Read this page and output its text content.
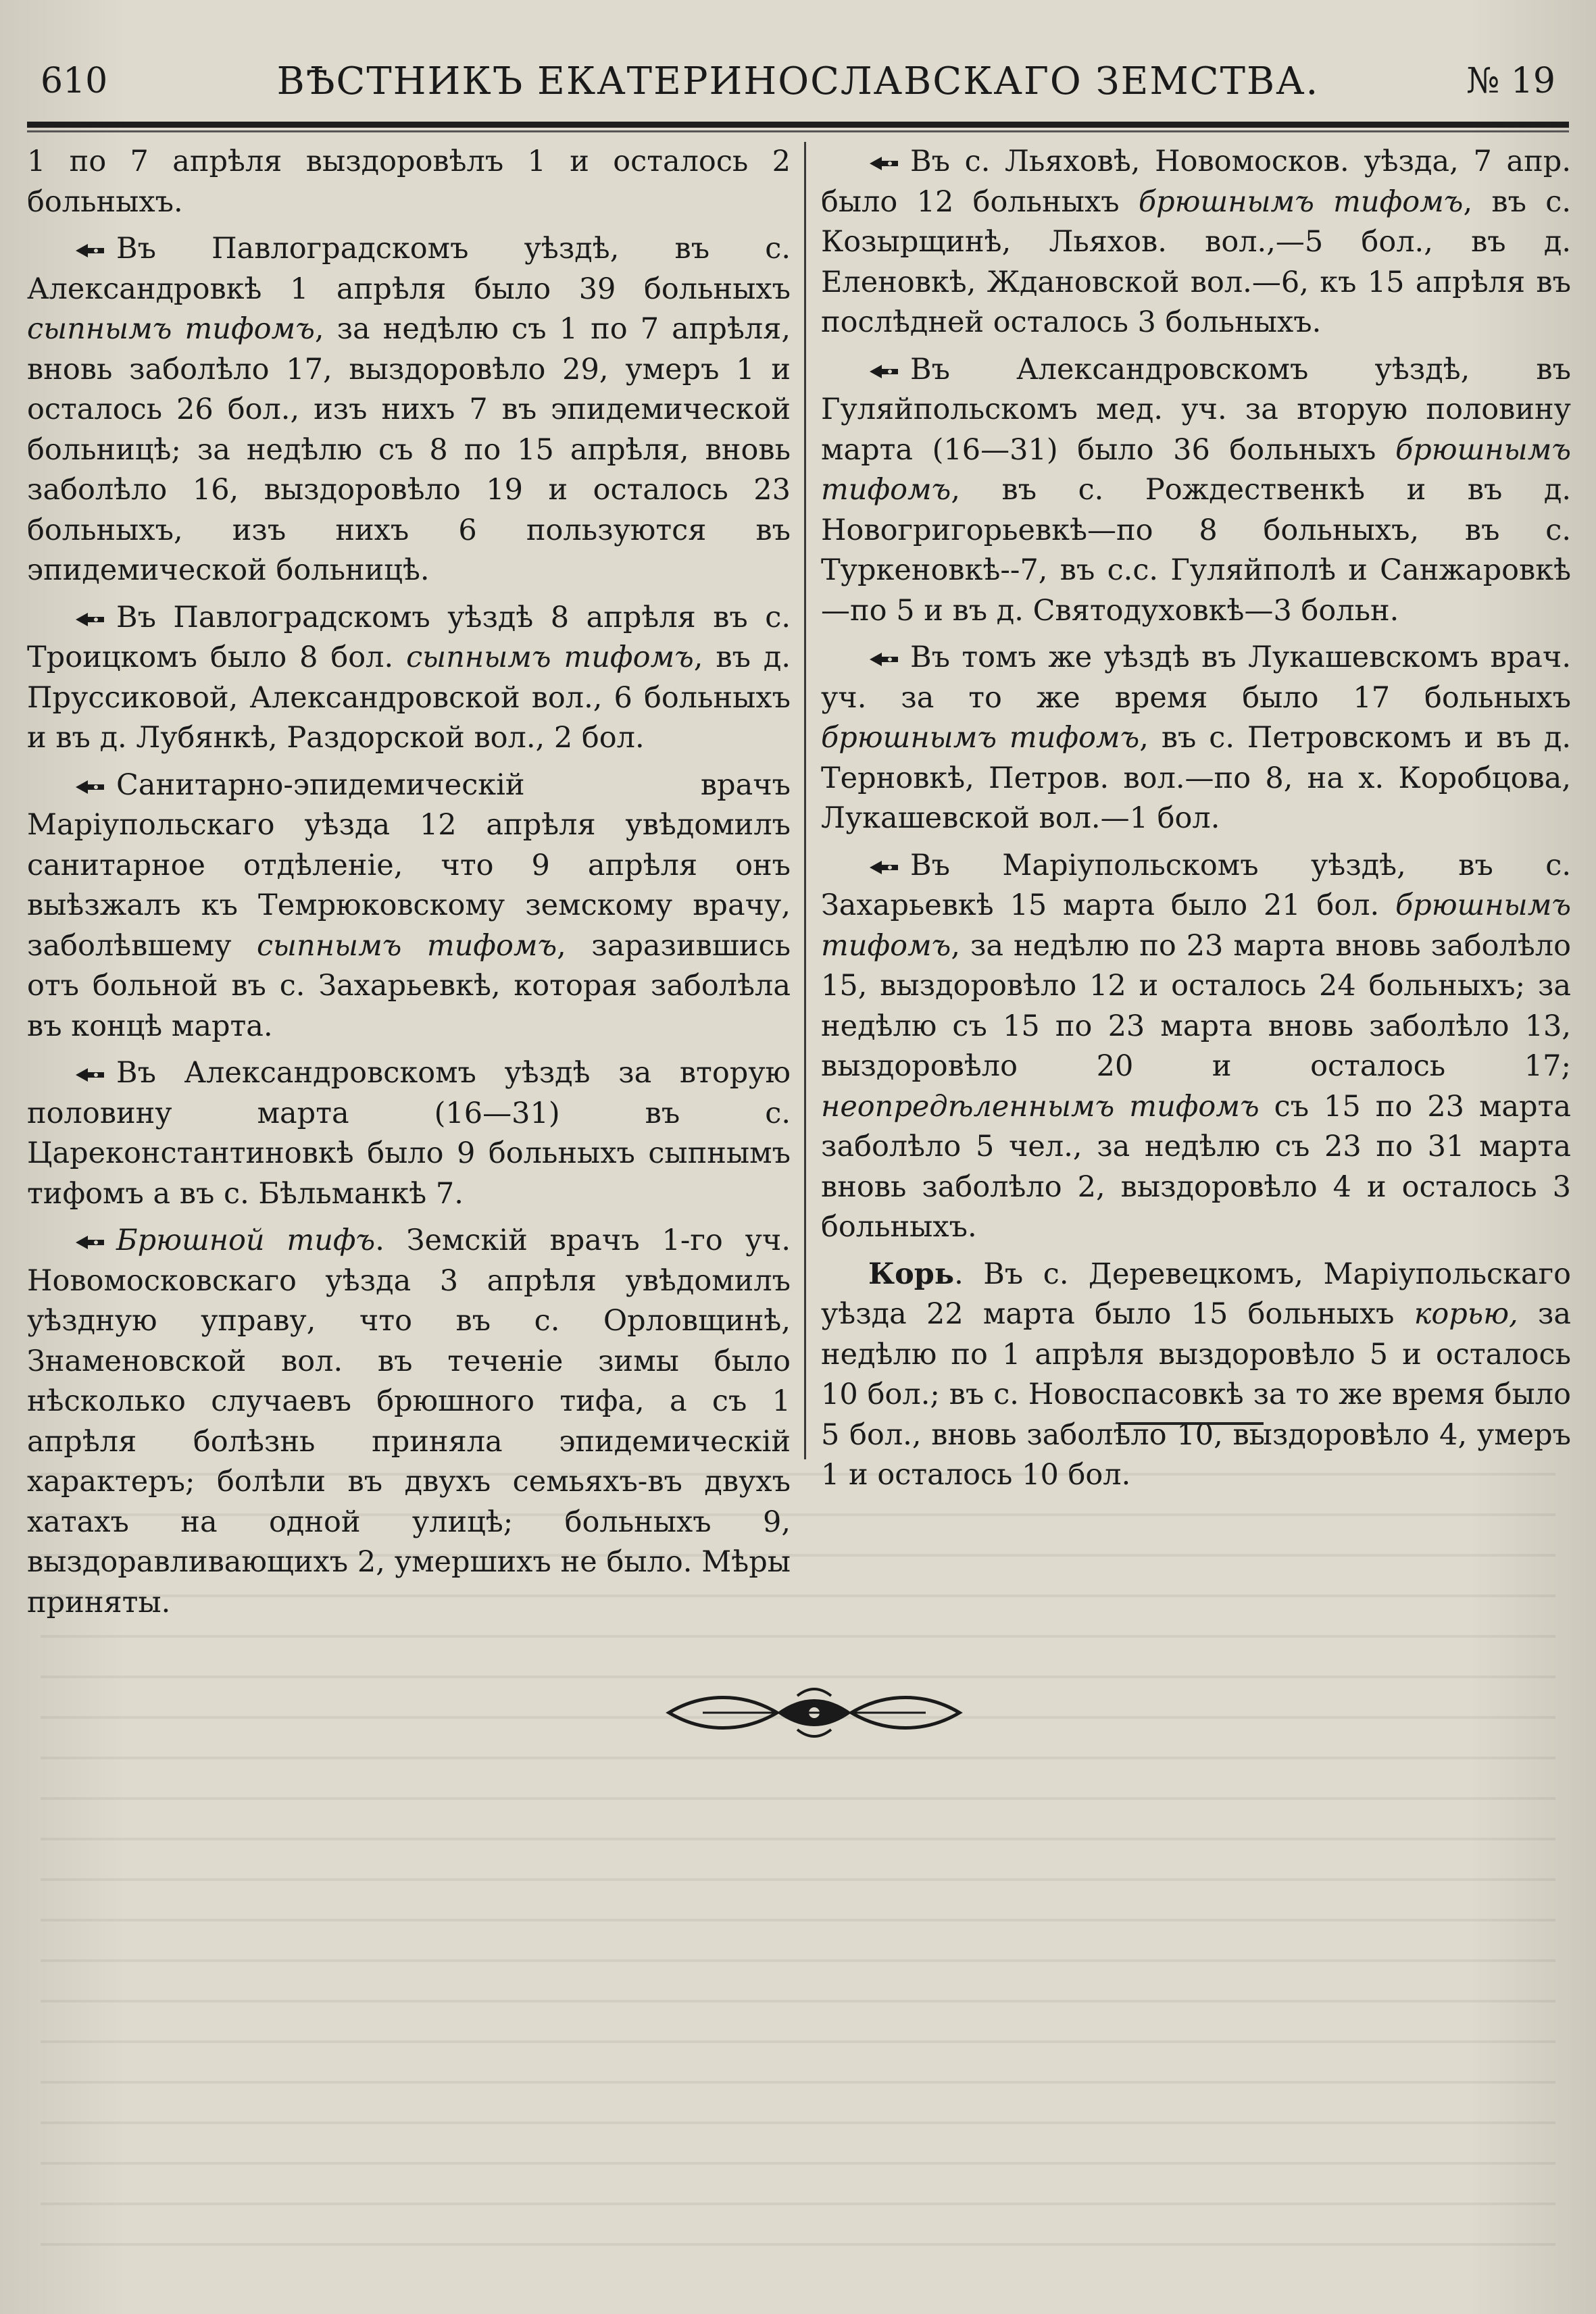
610	ВѢСТНИКЪ ЕКАТЕРИНОСЛАВСКАГО ЗЕМСТВА.	№ 19

1 по 7 апрѣля выздоровѣлъ 1 и осталось 2 больныхъ.

Въ Павлоградскомъ уѣздѣ, въ с. Александровкѣ 1 апрѣля было 39 больныхъ сыпнымъ тифомъ, за недѣлю съ 1 по 7 апрѣля, вновь заболѣло 17, выздоровѣло 29, умеръ 1 и осталось 26 бол., изъ нихъ 7 въ эпидемической больницѣ; за недѣлю съ 8 по 15 апрѣля, вновь заболѣло 16, выздоровѣло 19 и осталось 23 больныхъ, изъ нихъ 6 пользуются въ эпидемической больницѣ.

Въ Павлоградскомъ уѣздѣ 8 апрѣля въ с. Троицкомъ было 8 бол. сыпнымъ тифомъ, въ д. Пруссиковой, Александровской вол., 6 больныхъ и въ д. Лубянкѣ, Раздорской вол., 2 бол.

Санитарно-эпидемическій врачъ Маріупольскаго уѣзда 12 апрѣля увѣдомилъ санитарное отдѣленіе, что 9 апрѣля онъ выѣзжалъ къ Темрюковскому земскому врачу, заболѣвшему сыпнымъ тифомъ, заразившись отъ больной въ с. Захарьевкѣ, которая заболѣла въ концѣ марта.

Въ Александровскомъ уѣздѣ за вторую половину марта (16—31) въ с. Цареконстантиновкѣ было 9 больныхъ сыпнымъ тифомъ а въ с. Бѣльманкѣ 7.

Брюшной тифъ. Земскій врачъ 1-го уч. Новомосковскаго уѣзда 3 апрѣля увѣдомилъ уѣздную управу, что въ с. Орловщинѣ, Знаменовской вол. въ теченіе зимы было нѣсколько случаевъ брюшного тифа, а съ 1 апрѣля болѣзнь приняла эпидемическій характеръ; болѣли въ двухъ семьяхъ-въ двухъ хатахъ на одной улицѣ; больныхъ 9, выздоравливающихъ 2, умершихъ не было. Мѣры приняты.

Въ с. Льяховѣ, Новомосков. уѣзда, 7 апр. было 12 больныхъ брюшнымъ тифомъ, въ с. Козырщинѣ, Льяхов. вол.,—5 бол., въ д. Еленовкѣ, Ждановской вол.—6, къ 15 апрѣля въ послѣдней осталось 3 больныхъ.

Въ Александровскомъ уѣздѣ, въ Гуляйпольскомъ мед. уч. за вторую половину марта (16—31) было 36 больныхъ брюшнымъ тифомъ, въ с. Рождественкѣ и въ д. Новогригорьевкѣ—по 8 больныхъ, въ с. Туркеновкѣ--7, въ с.с. Гуляйполѣ и Санжаровкѣ—по 5 и въ д. Святодуховкѣ—3 больн.

Въ томъ же уѣздѣ въ Лукашевскомъ врач. уч. за то же время было 17 больныхъ брюшнымъ тифомъ, въ с. Петровскомъ и въ д. Терновкѣ, Петров. вол.—по 8, на х. Коробцова, Лукашевской вол.—1 бол.

Въ Маріупольскомъ уѣздѣ, въ с. Захарьевкѣ 15 марта было 21 бол. брюшнымъ тифомъ, за недѣлю по 23 марта вновь заболѣло 15, выздоровѣло 12 и осталось 24 больныхъ; за недѣлю съ 15 по 23 марта вновь заболѣло 13, выздоровѣло 20 и осталось 17; неопредѣленнымъ тифомъ съ 15 по 23 марта заболѣло 5 чел., за недѣлю съ 23 по 31 марта вновь заболѣло 2, выздоровѣло 4 и осталось 3 больныхъ.

Корь. Въ с. Деревецкомъ, Маріупольскаго уѣзда 22 марта было 15 больныхъ корью, за недѣлю по 1 апрѣля выздоровѣло 5 и осталось 10 бол.; въ с. Новоспасовкѣ за то же время было 5 бол., вновь заболѣло 10, выздоровѣло 4, умеръ 1 и осталось 10 бол.
